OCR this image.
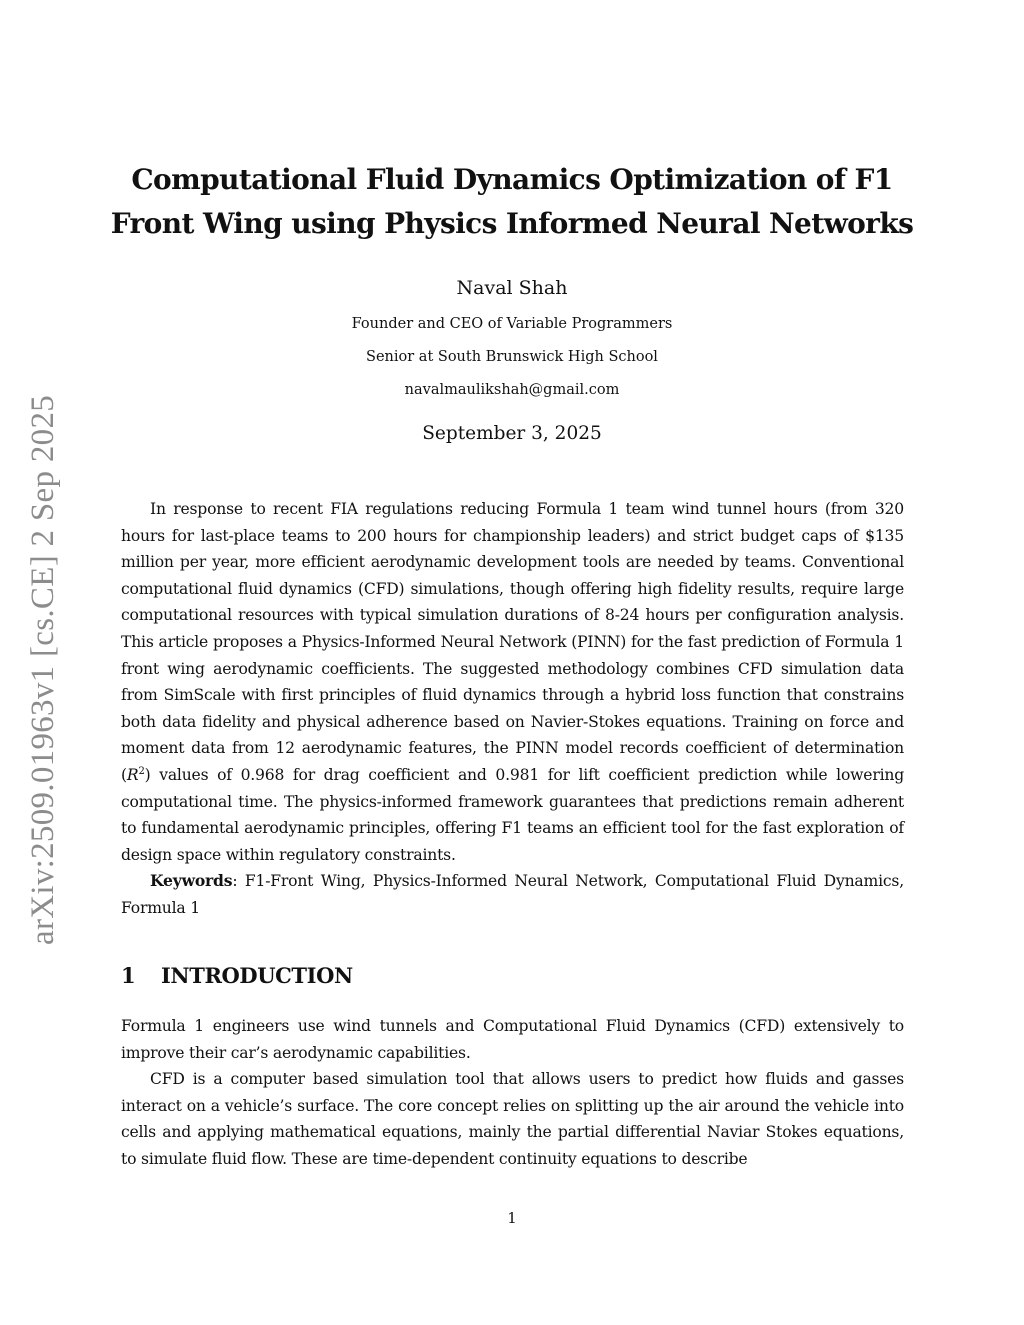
arXiv:2509.01963v1 [cs.CE] 2 Sep 2025
Computational Fluid Dynamics Optimization of F1
Front Wing using Physics Informed Neural Networks
Naval Shah
Founder and CEO of Variable Programmers
Senior at South Brunswick High School
navalmaulikshah@gmail.com
September 3, 2025

In response to recent FIA regulations reducing Formula 1 team wind tunnel hours (from 320 hours for last-place teams to 200 hours for championship leaders) and strict budget caps of $135 million per year, more efficient aerodynamic development tools are needed by teams. Conventional computational fluid dynamics (CFD) simulations, though offering high fidelity results, require large computational resources with typical simulation durations of 8-24 hours per configuration analysis. This article proposes a Physics-Informed Neural Network (PINN) for the fast prediction of Formula 1 front wing aerodynamic coefficients. The suggested methodology combines CFD simulation data from SimScale with first principles of fluid dynamics through a hybrid loss function that constrains both data fidelity and physical adherence based on Navier-Stokes equations. Training on force and moment data from 12 aerodynamic features, the PINN model records coefficient of determination $(R^2)$ values of 0.968 for drag coefficient and 0.981 for lift coefficient prediction while lowering computational time. The physics-informed framework guarantees that predictions remain adherent to fundamental aerodynamic principles, offering F1 teams an efficient tool for the fast exploration of design space within regulatory constraints.

Keywords: F1-Front Wing, Physics-Informed Neural Network, Computational Fluid Dynamics, Formula 1

1 INTRODUCTION

Formula 1 engineers use wind tunnels and Computational Fluid Dynamics (CFD) extensively to improve their car’s aerodynamic capabilities.

CFD is a computer based simulation tool that allows users to predict how fluids and gasses interact on a vehicle’s surface. The core concept relies on splitting up the air around the vehicle into cells and applying mathematical equations, mainly the partial differential Naviar Stokes equations, to simulate fluid flow. These are time-dependent continuity equations to describe

1
